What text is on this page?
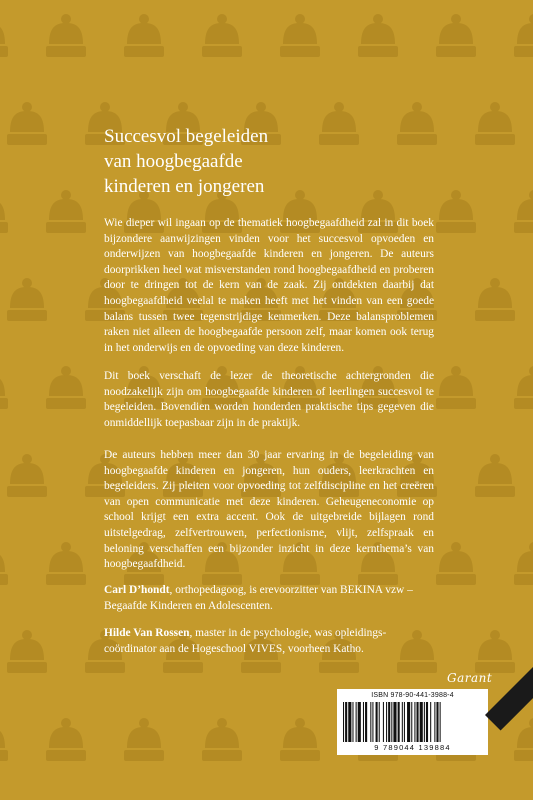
Succesvol begeleiden
van hoogbegaafde
kinderen en jongeren
Wie dieper wil ingaan op de thematiek hoogbegaafdheid zal in dit boek bijzondere aanwijzingen vinden voor het succesvol opvoeden en onderwijzen van hoogbegaafde kinderen en jongeren. De auteurs doorprikken heel wat misverstanden rond hoogbegaafdheid en proberen door te dringen tot de kern van de zaak. Zij ontdekten daarbij dat hoogbegaafdheid veelal te maken heeft met het vinden van een goede balans tussen twee tegenstrijdige kenmerken. Deze balansproblemen raken niet alleen de hoogbegaafde persoon zelf, maar komen ook terug in het onderwijs en de opvoeding van deze kinderen.
Dit boek verschaft de lezer de theoretische achtergronden die noodzakelijk zijn om hoogbegaafde kinderen of leerlingen succesvol te begeleiden. Bovendien worden honderden praktische tips gegeven die onmiddellijk toepasbaar zijn in de praktijk.
De auteurs hebben meer dan 30 jaar ervaring in de begeleiding van hoogbegaafde kinderen en jongeren, hun ouders, leerkrachten en begeleiders. Zij pleiten voor opvoeding tot zelfdiscipline en het creëren van open communicatie met deze kinderen. Geheugeneconomie op school krijgt een extra accent. Ook de uitgebreide bijlagen rond uitstelgedrag, zelfvertrouwen, perfectionisme, vlijt, zelfspraak en beloning verschaffen een bijzonder inzicht in deze kernthema’s van hoogbegaafdheid.
Carl D’hondt, orthopedagoog, is erevoorzitter van BEKINA vzw – Begaafde Kinderen en Adolescenten.
Hilde Van Rossen, master in de psychologie, was opleidingscoördinator aan de Hogeschool VIVES, voorheen Katho.
Garant
ISBN 978-90-441-3988-4
9 789044 139884
